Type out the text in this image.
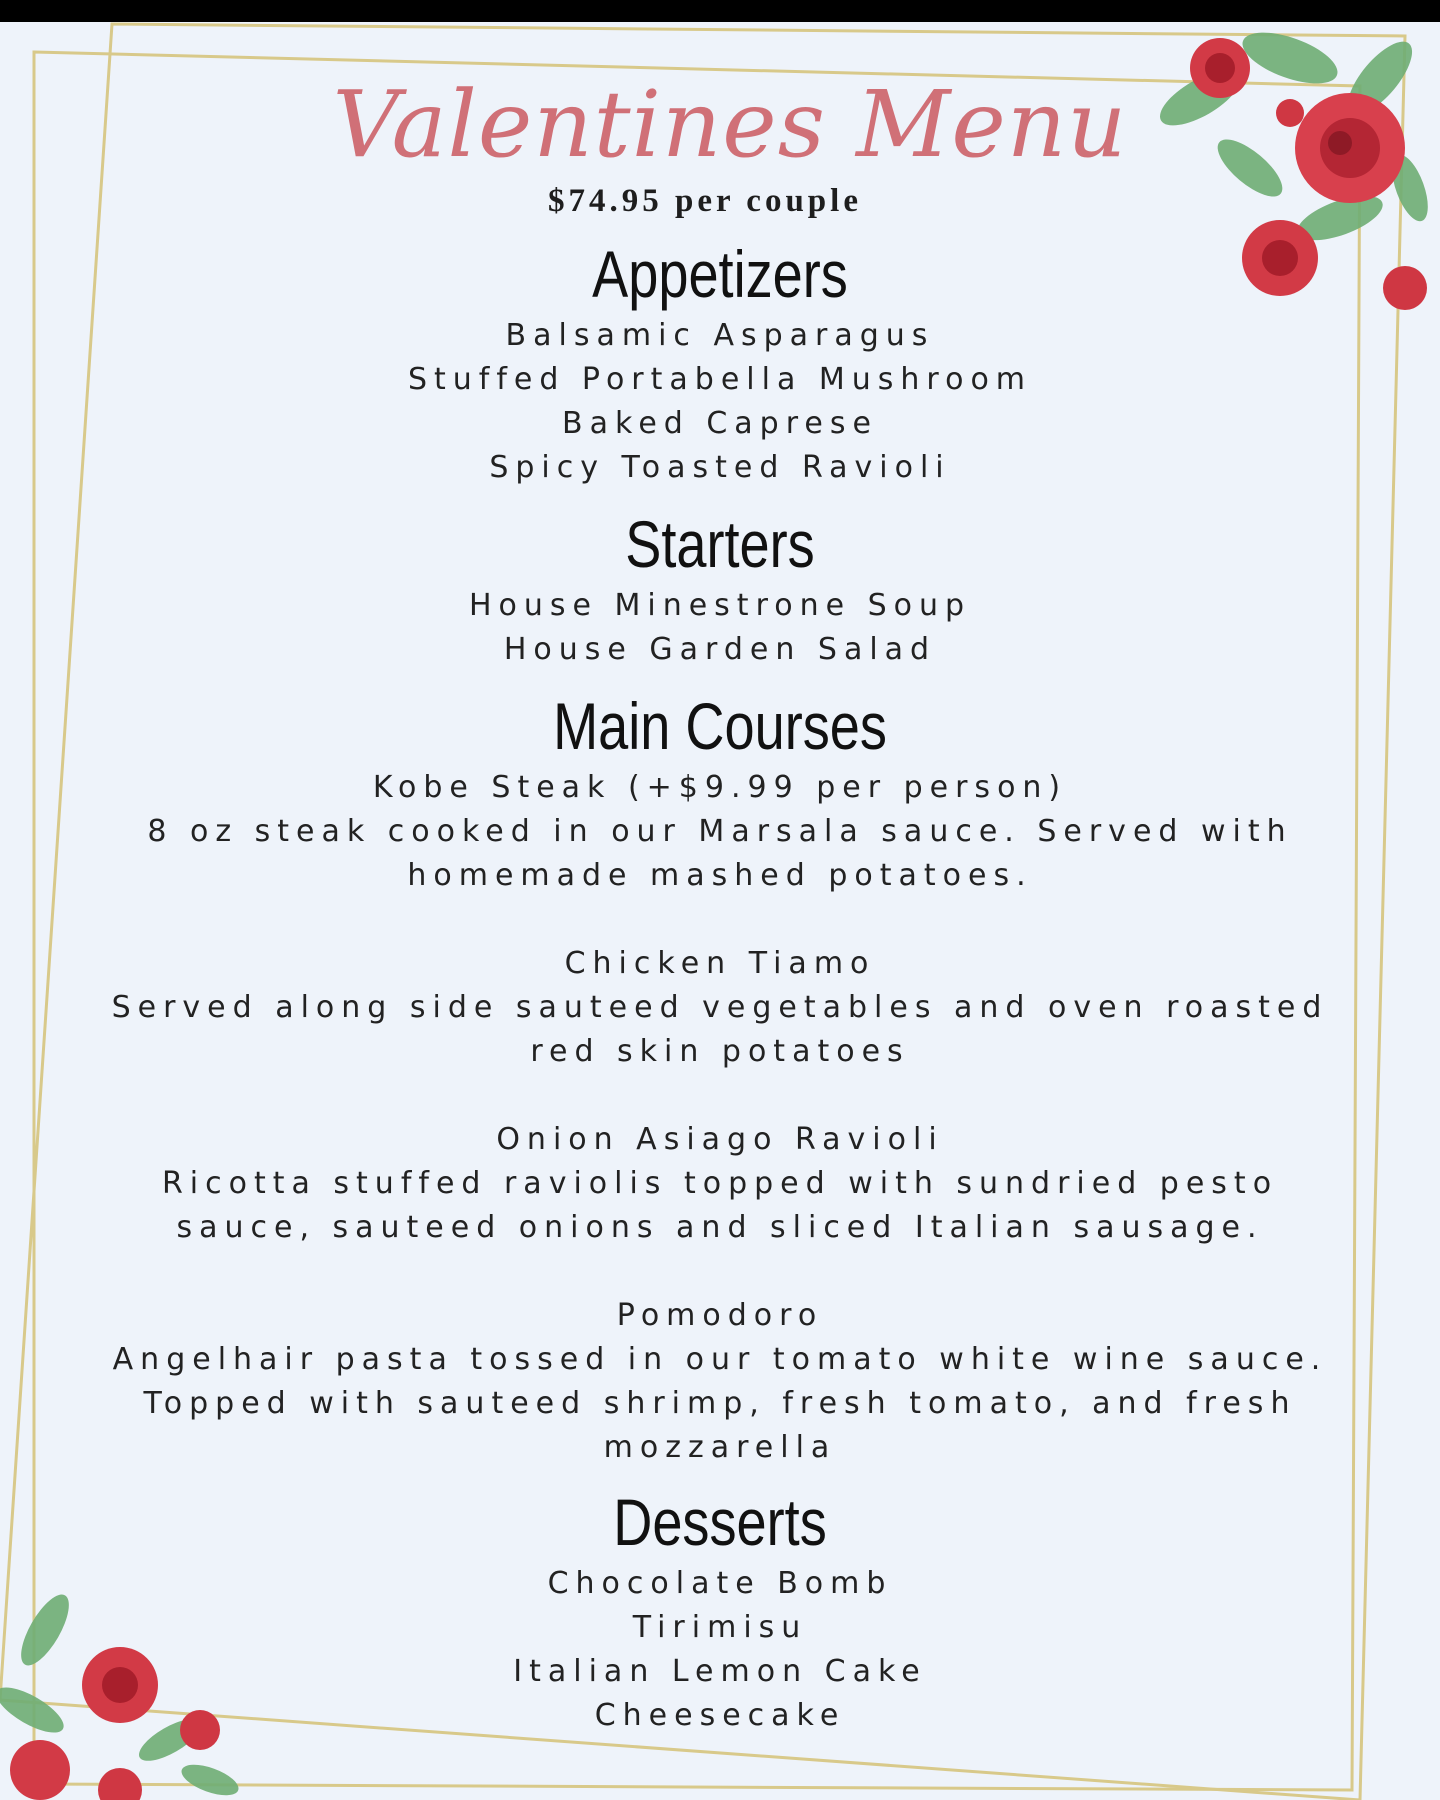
Valentines Menu
$74.95 per couple
Appetizers
Balsamic Asparagus
Stuffed Portabella Mushroom
Baked Caprese
Spicy Toasted Ravioli
Starters
House Minestrone Soup
House Garden Salad
Main Courses
Kobe Steak (+$9.99 per person)
8 oz steak cooked in our Marsala sauce. Served with homemade mashed potatoes.
Chicken Tiamo
Served along side sauteed vegetables and oven roasted red skin potatoes
Onion Asiago Ravioli
Ricotta stuffed raviolis topped with sundried pesto sauce, sauteed onions and sliced Italian sausage.
Pomodoro
Angelhair pasta tossed in our tomato white wine sauce. Topped with sauteed shrimp, fresh tomato, and fresh mozzarella
Desserts
Chocolate Bomb
Tirimisu
Italian Lemon Cake
Cheesecake
